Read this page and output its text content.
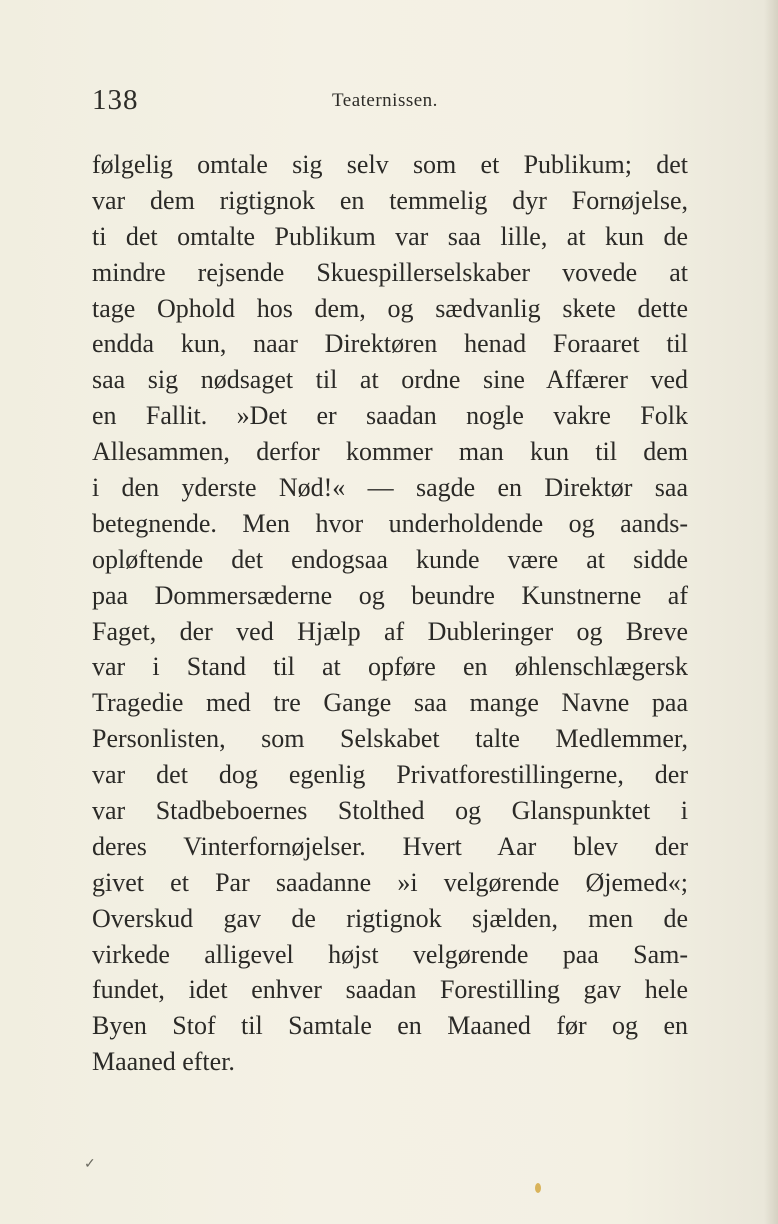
138	Teaternissen.
følgelig omtale sig selv som et Publikum; det
var dem rigtignok en temmelig dyr Fornøjelse,
ti det omtalte Publikum var saa lille, at kun de
mindre rejsende Skuespillerselskaber vovede at
tage Ophold hos dem, og sædvanlig skete dette
endda kun, naar Direktøren henad Foraaret til
saa sig nødsaget til at ordne sine Affærer ved
en Fallit. »Det er saadan nogle vakre Folk
Allesammen, derfor kommer man kun til dem
i den yderste Nød!« — sagde en Direktør saa
betegnende. Men hvor underholdende og aands-
opløftende det endogsaa kunde være at sidde
paa Dommersæderne og beundre Kunstnerne af
Faget, der ved Hjælp af Dubleringer og Breve
var i Stand til at opføre en øhlenschlægersk
Tragedie med tre Gange saa mange Navne paa
Personlisten, som Selskabet talte Medlemmer,
var det dog egenlig Privatforestillingerne, der
var Stadbeboernes Stolthed og Glanspunktet i
deres Vinterfornøjelser. Hvert Aar blev der
givet et Par saadanne »i velgørende Øjemed«;
Overskud gav de rigtignok sjælden, men de
virkede alligevel højst velgørende paa Sam-
fundet, idet enhver saadan Forestilling gav hele
Byen Stof til Samtale en Maaned før og en
Maaned efter.
✓
